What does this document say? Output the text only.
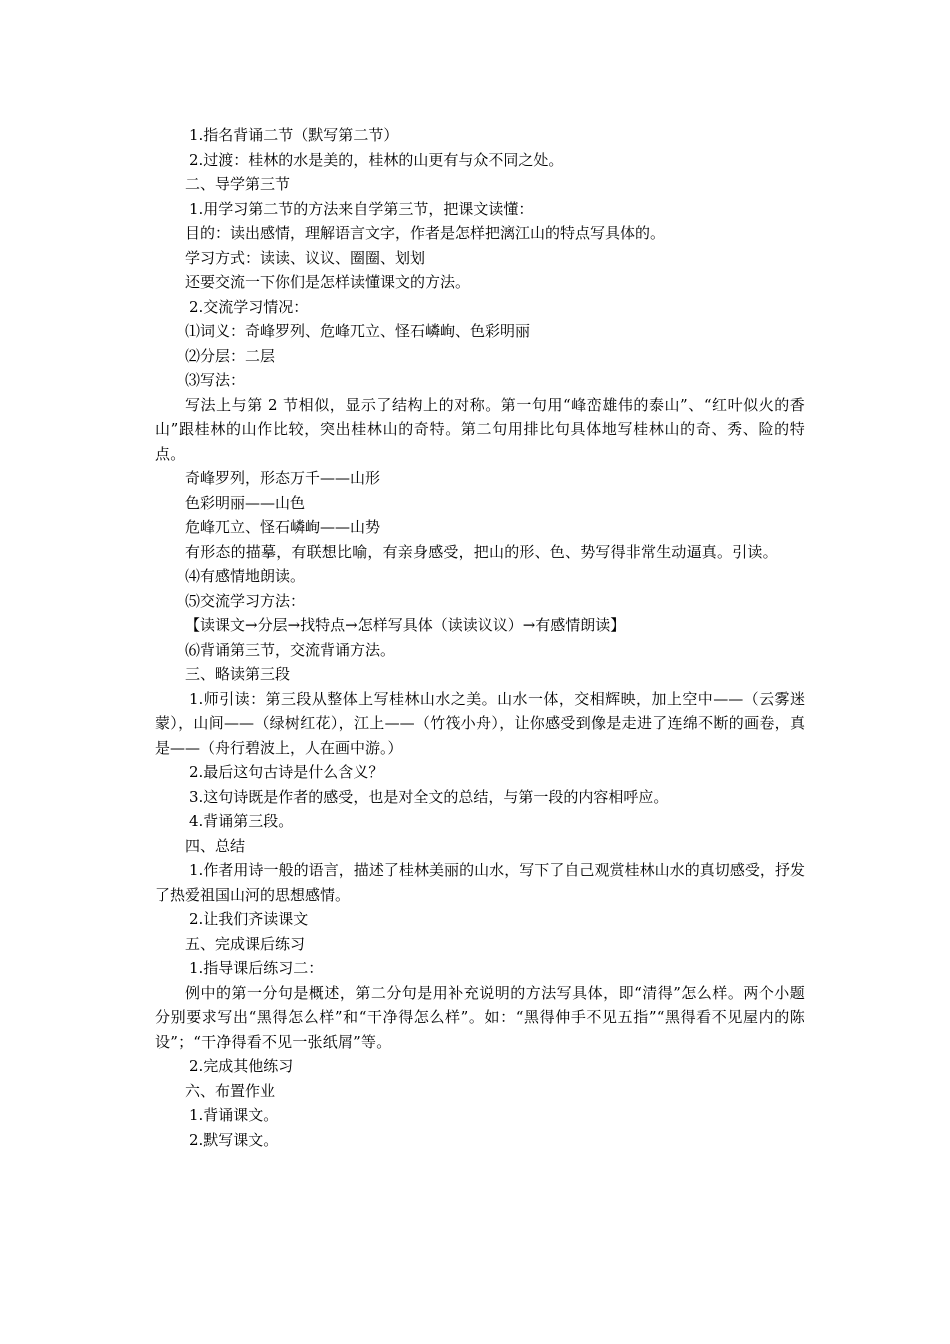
1.指名背诵二节（默写第二节）

2.过渡：桂林的水是美的，桂林的山更有与众不同之处。

二、导学第三节

1.用学习第二节的方法来自学第三节，把课文读懂：

目的：读出感情，理解语言文字，作者是怎样把漓江山的特点写具体的。

学习方式：读读、议议、圈圈、划划

还要交流一下你们是怎样读懂课文的方法。

2.交流学习情况：

⑴词义：奇峰罗列、危峰兀立、怪石嶙峋、色彩明丽

⑵分层：二层

⑶写法：

写法上与第 2 节相似，显示了结构上的对称。第一句用“峰峦雄伟的泰山”、“红叶似火的香山”跟桂林的山作比较，突出桂林山的奇特。第二句用排比句具体地写桂林山的奇、秀、险的特点。

奇峰罗列，形态万千——山形

色彩明丽——山色

危峰兀立、怪石嶙峋——山势

有形态的描摹，有联想比喻，有亲身感受，把山的形、色、势写得非常生动逼真。引读。

⑷有感情地朗读。

⑸交流学习方法：

【读课文→分层→找特点→怎样写具体（读读议议）→有感情朗读】

⑹背诵第三节，交流背诵方法。

三、略读第三段

1.师引读：第三段从整体上写桂林山水之美。山水一体，交相辉映，加上空中——（云雾迷蒙），山间——（绿树红花），江上——（竹筏小舟），让你感受到像是走进了连绵不断的画卷，真是——（舟行碧波上，人在画中游。）

2.最后这句古诗是什么含义？

3.这句诗既是作者的感受，也是对全文的总结，与第一段的内容相呼应。

4.背诵第三段。

四、总结

1.作者用诗一般的语言，描述了桂林美丽的山水，写下了自己观赏桂林山水的真切感受，抒发了热爱祖国山河的思想感情。

2.让我们齐读课文

五、完成课后练习

1.指导课后练习二：

例中的第一分句是概述，第二分句是用补充说明的方法写具体，即“清得”怎么样。两个小题分别要求写出“黑得怎么样”和“干净得怎么样”。如：“黑得伸手不见五指”“黑得看不见屋内的陈设”；“干净得看不见一张纸屑”等。

2.完成其他练习

六、布置作业

1.背诵课文。

2.默写课文。
